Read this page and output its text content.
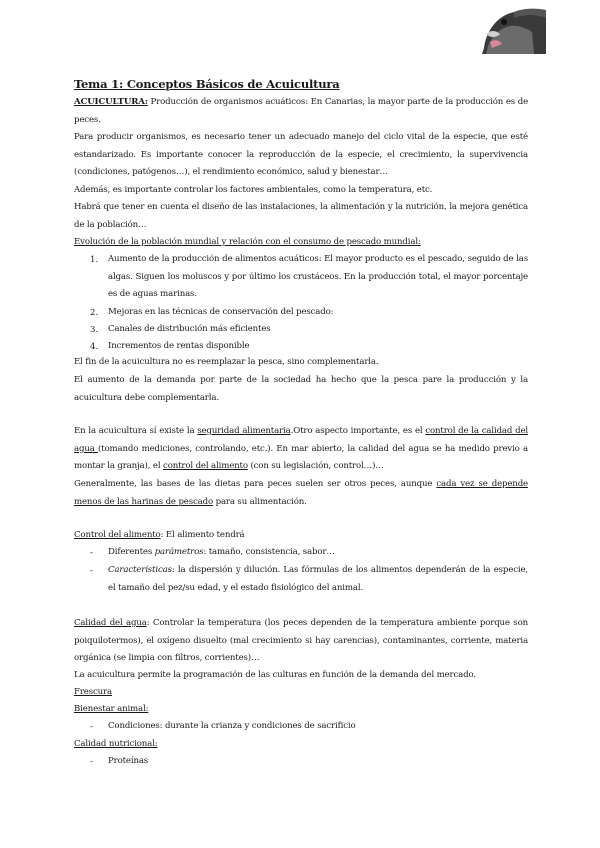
Tema 1: Conceptos Básicos de Acuicultura

ACUICULTURA: Producción de organismos acuáticos: En Canarias, la mayor parte de la producción es de peces.

Para producir organismos, es necesario tener un adecuado manejo del ciclo vital de la especie, que esté estandarizado. Es importante conocer la reproducción de la especie, el crecimiento, la supervivencia (condiciones, patógenos…), el rendimiento económico, salud y bienestar…

Además, es importante controlar los factores ambientales, como la temperatura, etc.

Habrá que tener en cuenta el diseño de las instalaciones, la alimentación y la nutrición, la mejora genética de la población…

Evolución de la población mundial y relación con el consumo de pescado mundial:

1. Aumento de la producción de alimentos acuáticos: El mayor producto es el pescado, seguido de las algas. Siguen los moluscos y por último los crustáceos. En la producción total, el mayor porcentaje es de aguas marinas.

2. Mejoras en las técnicas de conservación del pescado:

3. Canales de distribución más eficientes

4. Incrementos de rentas disponible

El fin de la acuicultura no es reemplazar la pesca, sino complementarla.

El aumento de la demanda por parte de la sociedad ha hecho que la pesca pare la producción y la acuicultura debe complementarla.

En la acuicultura sí existe la seguridad alimentaria.Otro aspecto importante, es el control de la calidad del agua (tomando mediciones, controlando, etc.). En mar abierto, la calidad del agua se ha medido previo a montar la granja), el control del alimento (con su legislación, control…)…

Generalmente, las bases de las dietas para peces suelen ser otros peces, aunque cada vez se depende menos de las harinas de pescado para su alimentación.

Control del alimento: El alimento tendrá

- Diferentes parámetros: tamaño, consistencia, sabor…

- Características: la dispersión y dilución. Las fórmulas de los alimentos dependerán de la especie, el tamaño del pez/su edad, y el estado fisiológico del animal.

Calidad del agua: Controlar la temperatura (los peces dependen de la temperatura ambiente porque son poiquilotermos), el oxígeno disuelto (mal crecimiento si hay carencias), contaminantes, corriente, materia orgánica (se limpia con filtros, corrientes)…

La acuicultura permite la programación de las culturas en función de la demanda del mercado.

Frescura

Bienestar animal:

- Condiciones: durante la crianza y condiciones de sacrificio

Calidad nutricional:

- Proteínas
